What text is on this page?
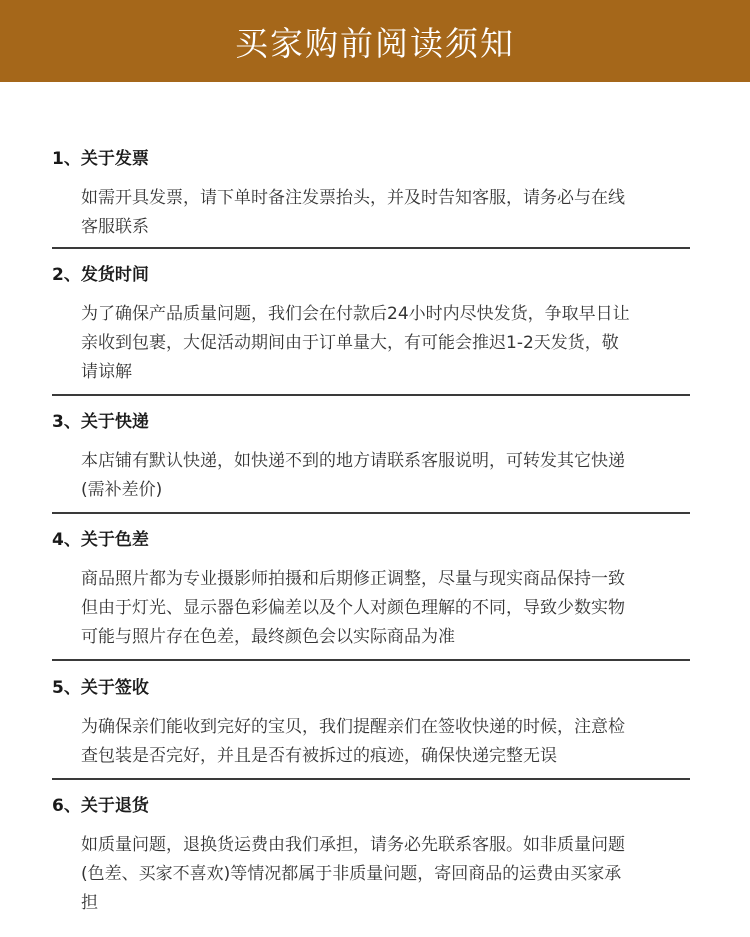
买家购前阅读须知
1、关于发票
如需开具发票，请下单时备注发票抬头，并及时告知客服，请务必与在线
客服联系
2、发货时间
为了确保产品质量问题，我们会在付款后24小时内尽快发货，争取早日让
亲收到包裹，大促活动期间由于订单量大，有可能会推迟1-2天发货，敬
请谅解
3、关于快递
本店铺有默认快递，如快递不到的地方请联系客服说明，可转发其它快递
(需补差价)
4、关于色差
商品照片都为专业摄影师拍摄和后期修正调整，尽量与现实商品保持一致
但由于灯光、显示器色彩偏差以及个人对颜色理解的不同，导致少数实物
可能与照片存在色差，最终颜色会以实际商品为准
5、关于签收
为确保亲们能收到完好的宝贝，我们提醒亲们在签收快递的时候，注意检
查包装是否完好，并且是否有被拆过的痕迹，确保快递完整无误
6、关于退货
如质量问题，退换货运费由我们承担，请务必先联系客服。如非质量问题
(色差、买家不喜欢)等情况都属于非质量问题，寄回商品的运费由买家承
担
